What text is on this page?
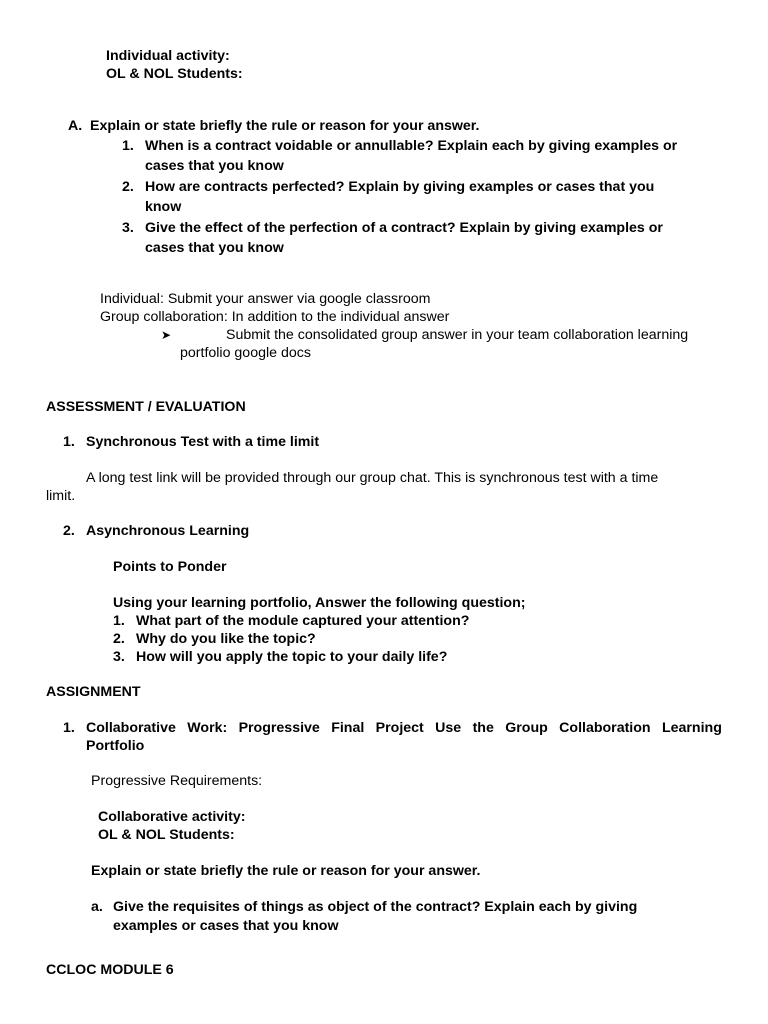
Individual activity:
OL & NOL Students:
A. Explain or state briefly the rule or reason for your answer.
1. When is a contract voidable or annullable? Explain each by giving examples or
cases that you know
2. How are contracts perfected? Explain by giving examples or cases that you
know
3. Give the effect of the perfection of a contract? Explain by giving examples or
cases that you know
Individual: Submit your answer via google classroom
Group collaboration: In addition to the individual answer
➤	Submit the consolidated group answer in your team collaboration learning
portfolio google docs
ASSESSMENT / EVALUATION
1. Synchronous Test with a time limit
A long test link will be provided through our group chat. This is synchronous test with a time
limit.
2. Asynchronous Learning
Points to Ponder
Using your learning portfolio, Answer the following question;
1. What part of the module captured your attention?
2. Why do you like the topic?
3. How will you apply the topic to your daily life?
ASSIGNMENT
1. Collaborative Work: Progressive Final Project Use the Group Collaboration Learning
Portfolio
Progressive Requirements:
Collaborative activity:
OL & NOL Students:
Explain or state briefly the rule or reason for your answer.
a. Give the requisites of things as object of the contract? Explain each by giving
examples or cases that you know
CCLOC MODULE 6
